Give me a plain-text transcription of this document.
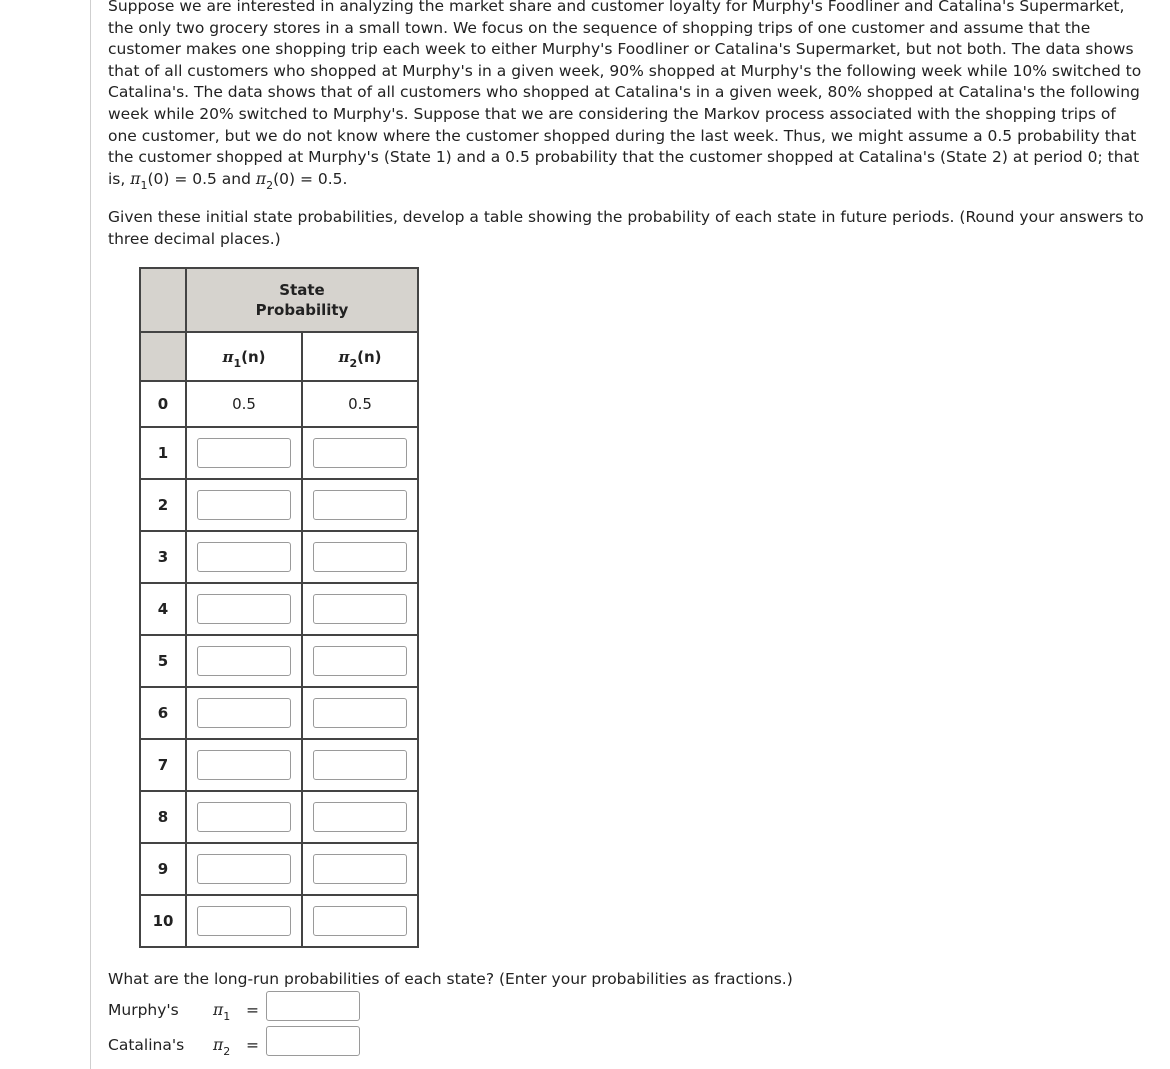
Suppose we are interested in analyzing the market share and customer loyalty for Murphy's Foodliner and Catalina's Supermarket, the only two grocery stores in a small town. We focus on the sequence of shopping trips of one customer and assume that the customer makes one shopping trip each week to either Murphy's Foodliner or Catalina's Supermarket, but not both. The data shows that of all customers who shopped at Murphy's in a given week, 90% shopped at Murphy's the following week while 10% switched to Catalina's. The data shows that of all customers who shopped at Catalina's in a given week, 80% shopped at Catalina's the following week while 20% switched to Murphy's. Suppose that we are considering the Markov process associated with the shopping trips of one customer, but we do not know where the customer shopped during the last week. Thus, we might assume a 0.5 probability that the customer shopped at Murphy's (State 1) and a 0.5 probability that the customer shopped at Catalina's (State 2) at period 0; that is, $\pi_1(0) = 0.5$ and $\pi_2(0) = 0.5$.

Given these initial state probabilities, develop a table showing the probability of each state in future periods. (Round your answers to three decimal places.)

	State
Probability	
	$\pi_1(n)$	$\pi_2(n)$
0	0.5	0.5
1	

2	

3	

4	

5	

6	

7	

8	

9	

10	

What are the long-run probabilities of each state? (Enter your probabilities as fractions.)

Murphy's $\pi_1$ =
Catalina's $\pi_2$ =
